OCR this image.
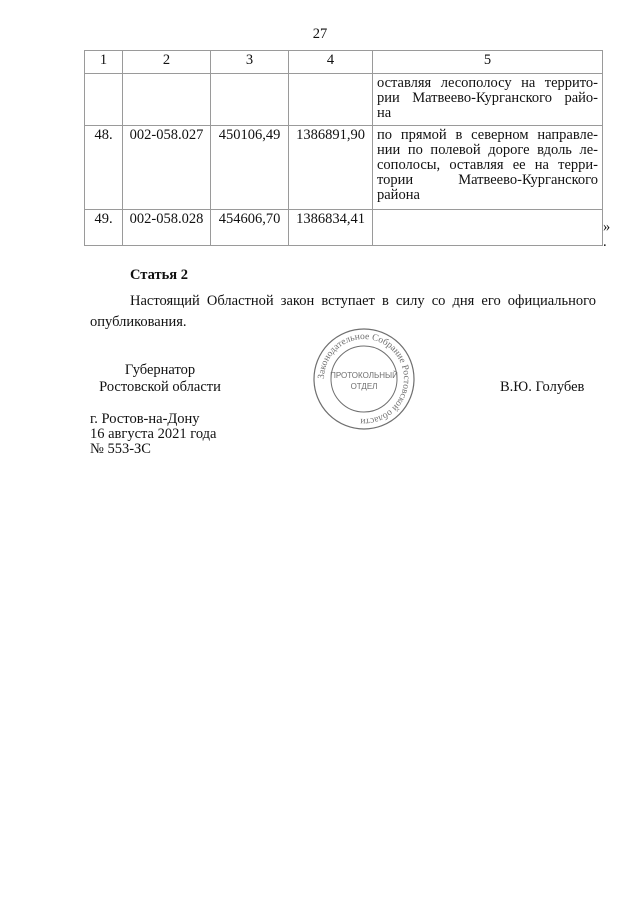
27
1	2	3	4	5

				оставляя лесополосу на террито-
рии Матвеево-Курганского райо-
на

48.	002-058.027	450106,49	1386891,90	по прямой в северном направле-
нии по полевой дороге вдоль ле-
сополосы, оставляя ее на терри-
тории Матвеево-Курганского
района

49.	002-058.028	454606,70	1386834,41		»
.
Статья 2
Настоящий Областной закон вступает в силу со дня его официального опубликования.
Губернатор
Ростовской области	В.Ю. Голубев
г. Ростов-на-Дону
16 августа 2021 года
№ 553-ЗС
Законодательное Собрание Ростовской области
ПРОТОКОЛЬНЫЙ
ОТДЕЛ
